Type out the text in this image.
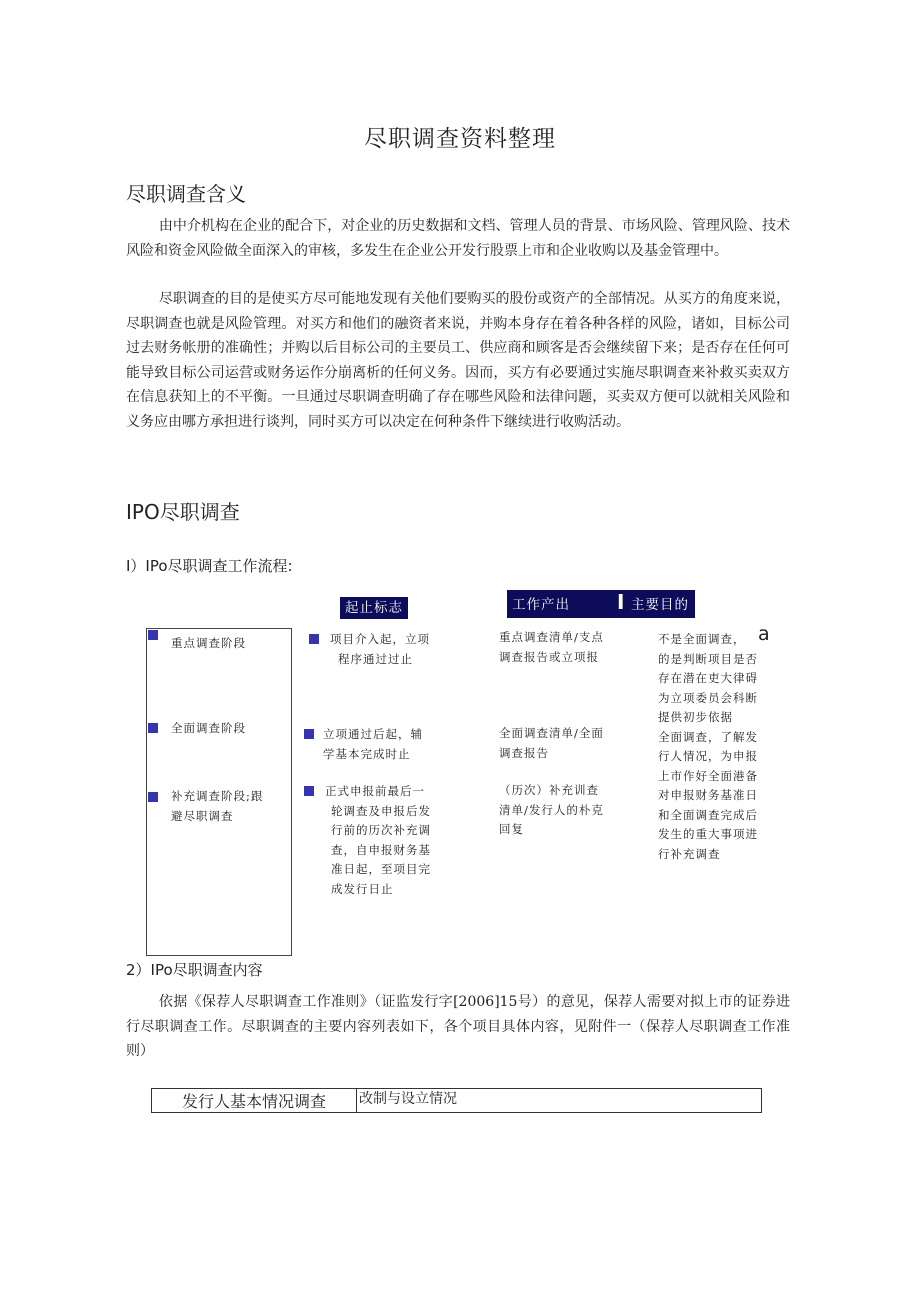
尽职调查资料整理
尽职调查含义
由中介机构在企业的配合下，对企业的历史数据和文档、管理人员的背景、市场风险、管理风险、技术风险和资金风险做全面深入的审核，多发生在企业公开发行股票上市和企业收购以及基金管理中。
尽职调查的目的是使买方尽可能地发现有关他们要购买的股份或资产的全部情况。从买方的角度来说，尽职调查也就是风险管理。对买方和他们的融资者来说，并购本身存在着各种各样的风险，诸如，目标公司过去财务帐册的准确性；并购以后目标公司的主要员工、供应商和顾客是否会继续留下来；是否存在任何可能导致目标公司运营或财务运作分崩离析的任何义务。因而，买方有必要通过实施尽职调查来补救买卖双方在信息获知上的不平衡。一旦通过尽职调查明确了存在哪些风险和法律问题，买卖双方便可以就相关风险和义务应由哪方承担进行谈判，同时买方可以决定在何种条件下继续进行收购活动。
IPO尽职调查
I）IPo尽职调查工作流程:
起止标志	工作产出 I 主要目的
重点调查阶段
全面调查阶段
补充调查阶段;跟
避尽职调查
项目介入起，立项
程序通过过止
立项通过后起，辅
学基本完成时止
正式申报前最后一
轮调查及申报后发
行前的历次补充调
查，自申报财务基
准日起，至项目完
成发行日止
重点调查清单/支点
调查报告或立项报
全面调查清单/全面
调查报告
（历次）补充训查
清单/发行人的朴克
回复
不是全面调查， a
的是判断项目是否
存在潜在吏大律碍
为立项委员会科断
提供初步依据
全面调查，了解发
行人情况，为申报
上市作好全面港备
对申报财务基准日
和全面调查完成后
发生的重大事项进
行补充调查
2）IPo尽职调查内容
依据《保荐人尽职调查工作准则》（证监发行字[2006]15号）的意见，保荐人需要对拟上市的证券进行尽职调查工作。尽职调查的主要内容列表如下，各个项目具体内容，见附件一（保荐人尽职调查工作准则）
发行人基本情况调查	改制与设立情况
